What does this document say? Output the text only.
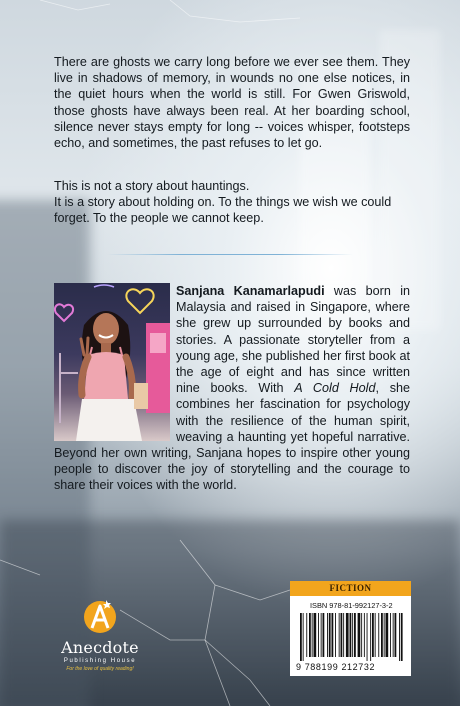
There are ghosts we carry long before we ever see them. They live in shadows of memory, in wounds no one else notices, in the quiet hours when the world is still. For Gwen Griswold, those ghosts have always been real. At her boarding school, silence never stays empty for long -- voices whisper, footsteps echo, and sometimes, the past refuses to let go.

This is not a story about hauntings.
It is a story about holding on. To the things we wish we could forget. To the people we cannot keep.

Sanjana Kanamarlapudi was born in Malaysia and raised in Singapore, where she grew up surrounded by books and stories. A passionate storyteller from a young age, she published her first book at the age of eight and has since written nine books. With A Cold Hold, she combines her fascination for psychology with the resilience of the human spirit, weaving a haunting yet hopeful narrative. Beyond her own writing, Sanjana hopes to inspire other young people to discover the joy of storytelling and the courage to share their voices with the world.

Anecdote
Publishing House
For the love of quality reading!
FICTION
ISBN 978-81-992127-3-2
9 788199 212732
